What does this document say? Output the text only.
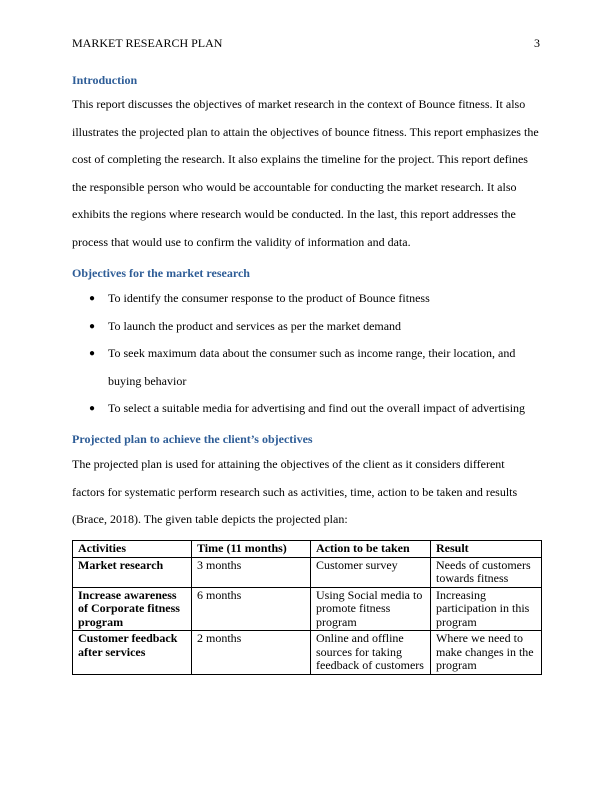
MARKET RESEARCH PLAN	3
Introduction
This report discusses the objectives of market research in the context of Bounce fitness. It also
illustrates the projected plan to attain the objectives of bounce fitness. This report emphasizes the
cost of completing the research. It also explains the timeline for the project. This report defines
the responsible person who would be accountable for conducting the market research. It also
exhibits the regions where research would be conducted. In the last, this report addresses the
process that would use to confirm the validity of information and data.
Objectives for the market research
● To identify the consumer response to the product of Bounce fitness
● To launch the product and services as per the market demand
● To seek maximum data about the consumer such as income range, their location, and buying behavior
● To select a suitable media for advertising and find out the overall impact of advertising
Projected plan to achieve the client’s objectives
The projected plan is used for attaining the objectives of the client as it considers different
factors for systematic perform research such as activities, time, action to be taken and results
(Brace, 2018). The given table depicts the projected plan:
Activities	Time (11 months)	Action to be taken	Result
Market research	3 months	Customer survey	Needs of customers towards fitness
Increase awareness of Corporate fitness program	6 months	Using Social media to promote fitness program	Increasing participation in this program
Customer feedback after services	2 months	Online and offline sources for taking feedback of customers	Where we need to make changes in the program
